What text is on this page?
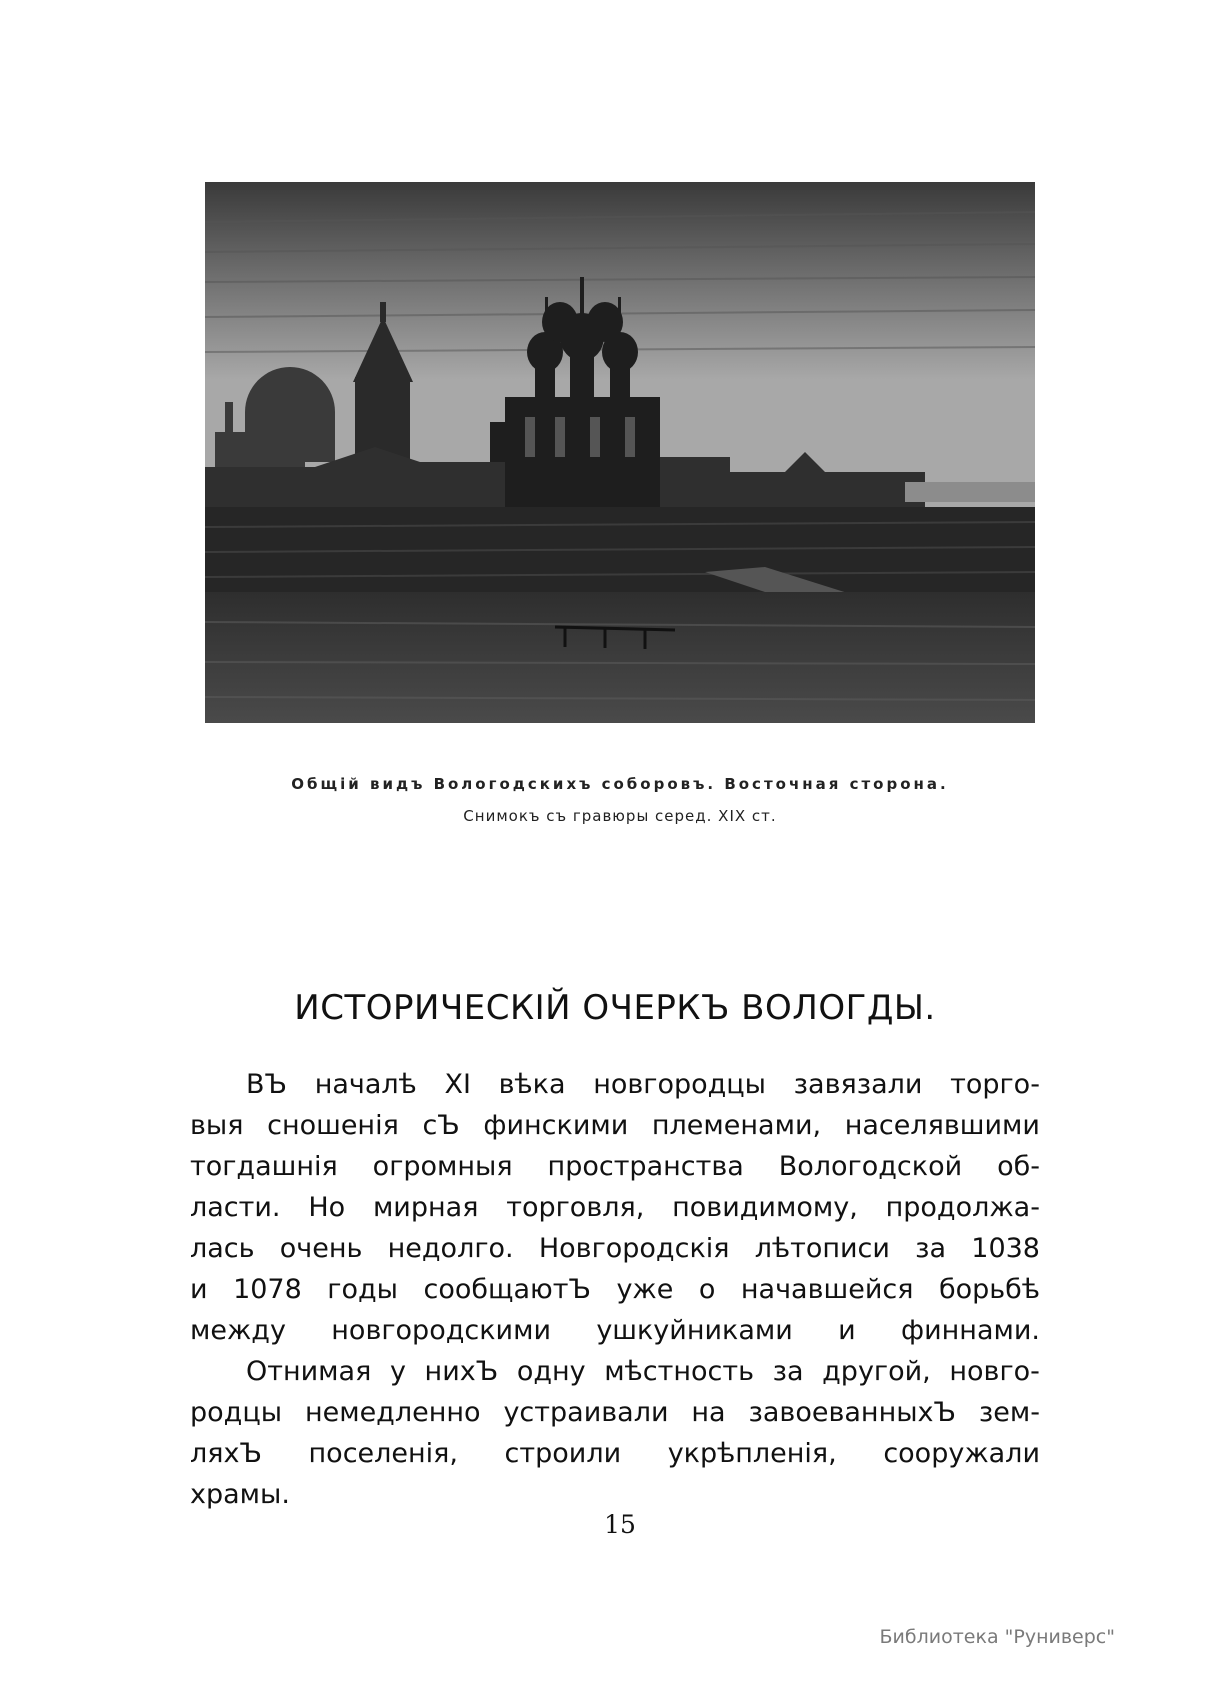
Общій видъ Вологодскихъ соборовъ. Восточная сторона.
Снимокъ съ гравюры серед. XIX ст.
ИСТОРИЧЕСКІЙ ОЧЕРКЪ ВОЛОГДЫ.
ВЪ началѣ XI вѣка новгородцы завязали торго-
выя сношенія сЪ финскими племенами, населявшими
тогдашнія огромныя пространства Вологодской об-
ласти. Но мирная торговля, повидимому, продолжа-
лась очень недолго. Новгородскія лѣтописи за 1038
и 1078 годы сообщаютЪ уже о начавшейся борьбѣ
между новгородскими ушкуйниками и финнами.
Отнимая у нихЪ одну мѣстность за другой, новго-
родцы немедленно устраивали на завоеванныхЪ зем-
ляхЪ поселенія, строили укрѣпленія, сооружали
храмы.
15
Библиотека "Руниверс"
